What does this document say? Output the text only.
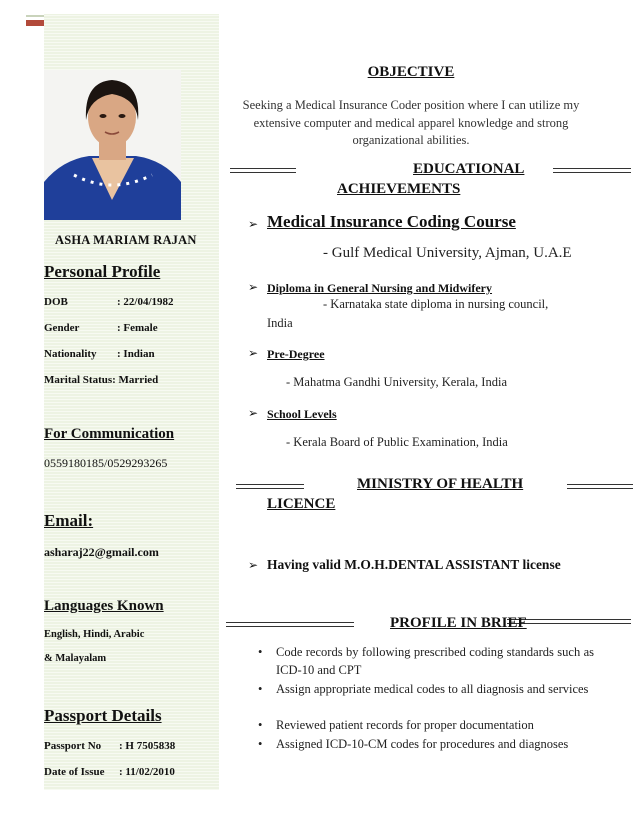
ASHA MARIAM RAJAN
Personal Profile
DOB	: 22/04/1982
Gender	: Female
Nationality : Indian
Marital Status: Married
For Communication
0559180185/0529293265
Email:
asharaj22@gmail.com
Languages Known
English, Hindi, Arabic
& Malayalam
Passport Details
Passport No : H 7505838
Date of Issue : 11/02/2010
OBJECTIVE
Seeking a Medical Insurance Coder position where I can utilize my extensive computer and medical apparel knowledge and strong organizational abilities.
EDUCATIONAL
ACHIEVEMENTS
➢ Medical Insurance Coding Course
- Gulf Medical University, Ajman, U.A.E
➢ Diploma in General Nursing and Midwifery
- Karnataka state diploma in nursing council,
India
➢ Pre-Degree
- Mahatma Gandhi University, Kerala, India
➢ School Levels
- Kerala Board of Public Examination, India
MINISTRY OF HEALTH
LICENCE
➢ Having valid M.O.H.DENTAL ASSISTANT license
PROFILE IN BRIEF
• Code records by following prescribed coding standards such as ICD-10 and CPT
• Assign appropriate medical codes to all diagnosis and services
• Reviewed patient records for proper documentation
• Assigned ICD-10-CM codes for procedures and diagnoses
